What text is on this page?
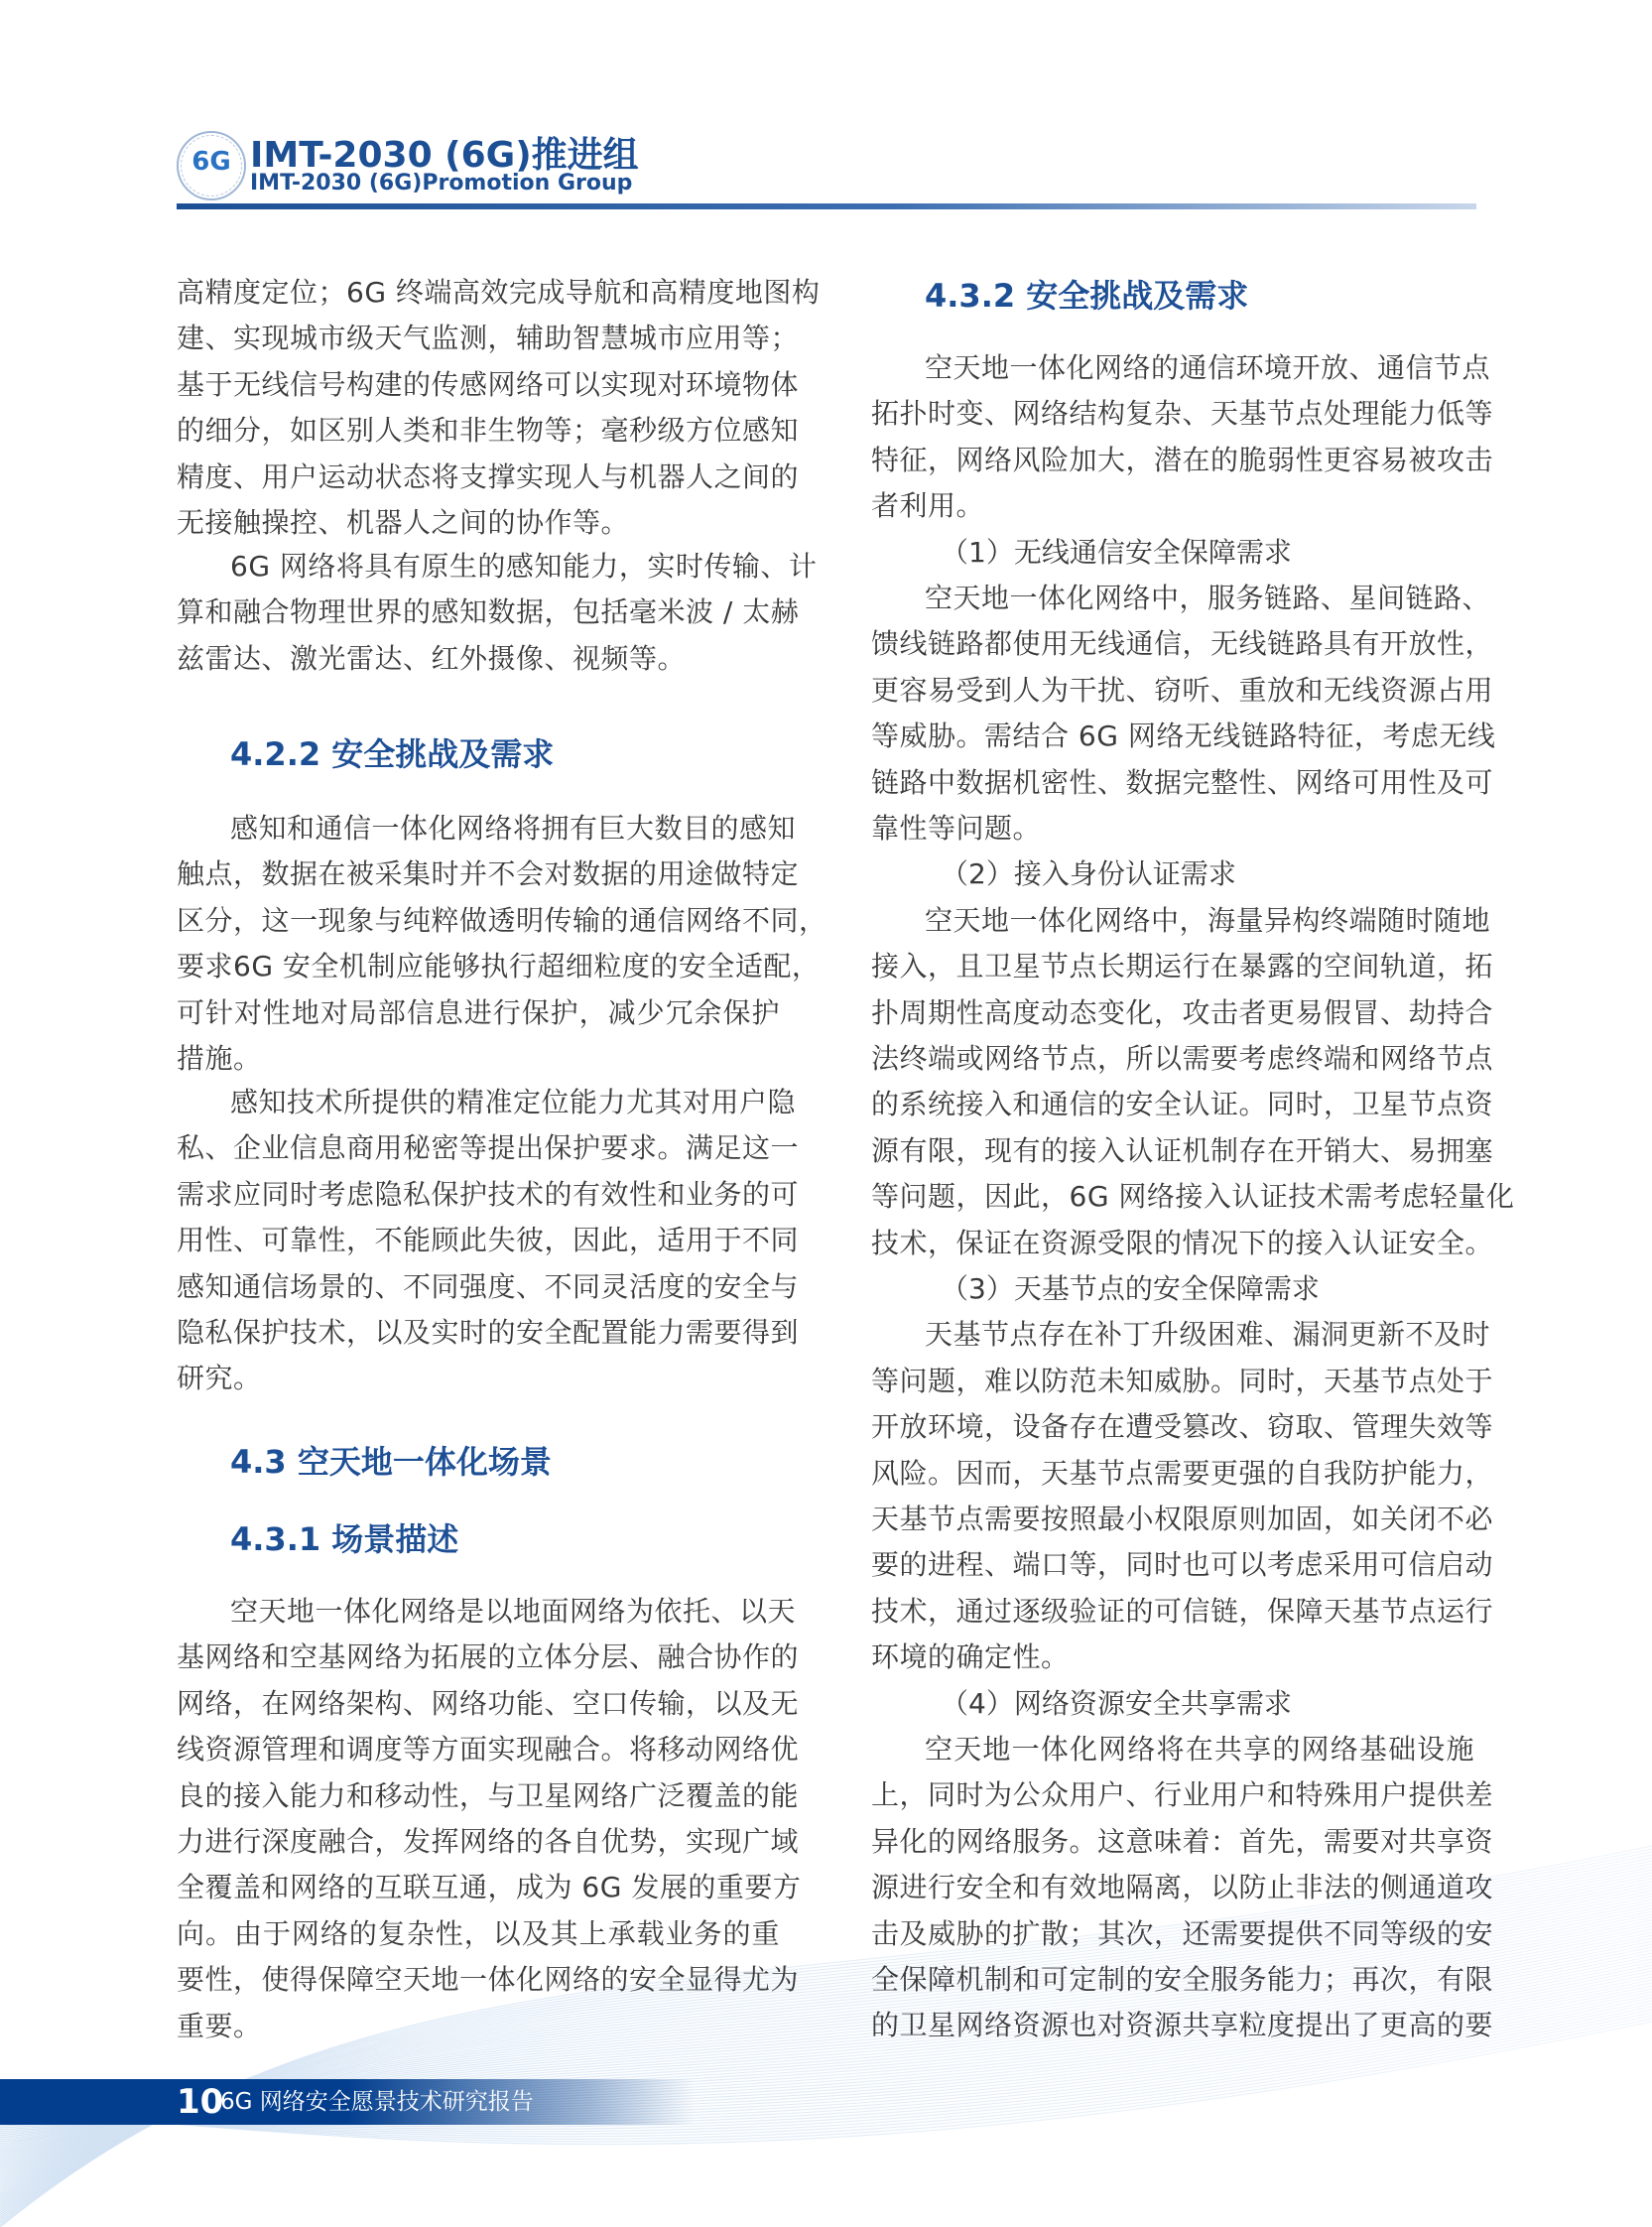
6G IMT-2030 (6G)推进组
IMT-2030 (6G)Promotion Group
高精度定位；6G 终端高效完成导航和高精度地图构
建、实现城市级天气监测，辅助智慧城市应用等；
基于无线信号构建的传感网络可以实现对环境物体
的细分，如区别人类和非生物等；毫秒级方位感知
精度、用户运动状态将支撑实现人与机器人之间的
无接触操控、机器人之间的协作等。
6G 网络将具有原生的感知能力，实时传输、计
算和融合物理世界的感知数据，包括毫米波 / 太赫
兹雷达、激光雷达、红外摄像、视频等。
4.2.2 安全挑战及需求
感知和通信一体化网络将拥有巨大数目的感知
触点，数据在被采集时并不会对数据的用途做特定
区分，这一现象与纯粹做透明传输的通信网络不同，
要求6G 安全机制应能够执行超细粒度的安全适配，
可针对性地对局部信息进行保护，减少冗余保护
措施。
感知技术所提供的精准定位能力尤其对用户隐
私、企业信息商用秘密等提出保护要求。满足这一
需求应同时考虑隐私保护技术的有效性和业务的可
用性、可靠性，不能顾此失彼，因此，适用于不同
感知通信场景的、不同强度、不同灵活度的安全与
隐私保护技术，以及实时的安全配置能力需要得到
研究。
4.3 空天地一体化场景
4.3.1 场景描述
空天地一体化网络是以地面网络为依托、以天
基网络和空基网络为拓展的立体分层、融合协作的
网络，在网络架构、网络功能、空口传输，以及无
线资源管理和调度等方面实现融合。将移动网络优
良的接入能力和移动性，与卫星网络广泛覆盖的能
力进行深度融合，发挥网络的各自优势，实现广域
全覆盖和网络的互联互通，成为 6G 发展的重要方
向。由于网络的复杂性，以及其上承载业务的重
要性，使得保障空天地一体化网络的安全显得尤为
重要。
4.3.2 安全挑战及需求
空天地一体化网络的通信环境开放、通信节点
拓扑时变、网络结构复杂、天基节点处理能力低等
特征，网络风险加大，潜在的脆弱性更容易被攻击
者利用。
（1）无线通信安全保障需求
空天地一体化网络中，服务链路、星间链路、
馈线链路都使用无线通信，无线链路具有开放性，
更容易受到人为干扰、窃听、重放和无线资源占用
等威胁。需结合 6G 网络无线链路特征，考虑无线
链路中数据机密性、数据完整性、网络可用性及可
靠性等问题。
（2）接入身份认证需求
空天地一体化网络中，海量异构终端随时随地
接入，且卫星节点长期运行在暴露的空间轨道，拓
扑周期性高度动态变化，攻击者更易假冒、劫持合
法终端或网络节点，所以需要考虑终端和网络节点
的系统接入和通信的安全认证。同时，卫星节点资
源有限，现有的接入认证机制存在开销大、易拥塞
等问题，因此，6G 网络接入认证技术需考虑轻量化
技术，保证在资源受限的情况下的接入认证安全。
（3）天基节点的安全保障需求
天基节点存在补丁升级困难、漏洞更新不及时
等问题，难以防范未知威胁。同时，天基节点处于
开放环境，设备存在遭受篡改、窃取、管理失效等
风险。因而，天基节点需要更强的自我防护能力，
天基节点需要按照最小权限原则加固，如关闭不必
要的进程、端口等，同时也可以考虑采用可信启动
技术，通过逐级验证的可信链，保障天基节点运行
环境的确定性。
（4）网络资源安全共享需求
空天地一体化网络将在共享的网络基础设施
上，同时为公众用户、行业用户和特殊用户提供差
异化的网络服务。这意味着：首先，需要对共享资
源进行安全和有效地隔离，以防止非法的侧通道攻
击及威胁的扩散；其次，还需要提供不同等级的安
全保障机制和可定制的安全服务能力；再次，有限
的卫星网络资源也对资源共享粒度提出了更高的要
10
6G 网络安全愿景技术研究报告
